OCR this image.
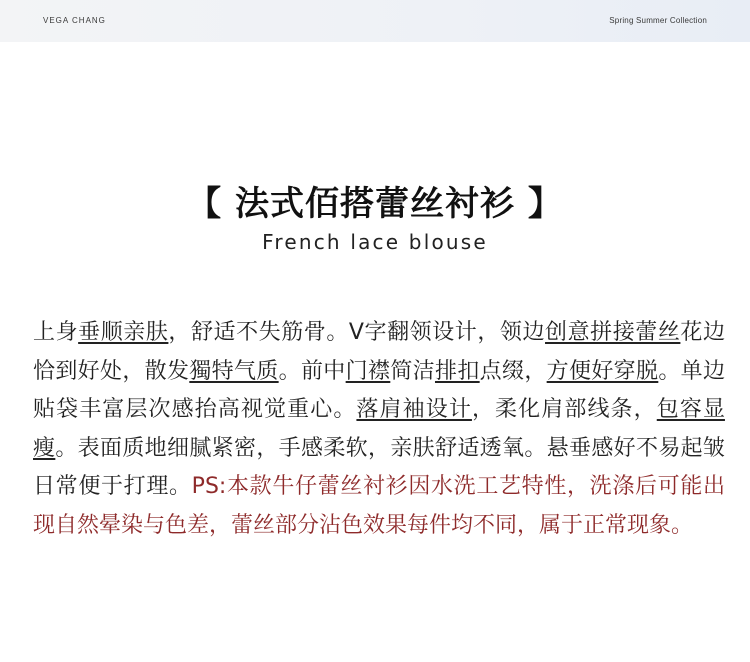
VEGA CHANG	Spring Summer Collection
【 法式佰搭蕾丝衬衫 】
French lace blouse
上身垂顺亲肤，舒适不失筋骨。V字翻领设计，领边创意拼接蕾丝花边恰到好处，散发獨特气质。前中门襟简洁排扣点缀，方便好穿脱。单边贴袋丰富层次感抬高视觉重心。落肩袖设计，柔化肩部线条，包容显瘦。表面质地细腻紧密，手感柔软，亲肤舒适透氧。悬垂感好不易起皱日常便于打理。PS:本款牛仔蕾丝衬衫因水洗工艺特性，洗涤后可能出现自然晕染与色差，蕾丝部分沾色效果每件均不同，属于正常现象。
